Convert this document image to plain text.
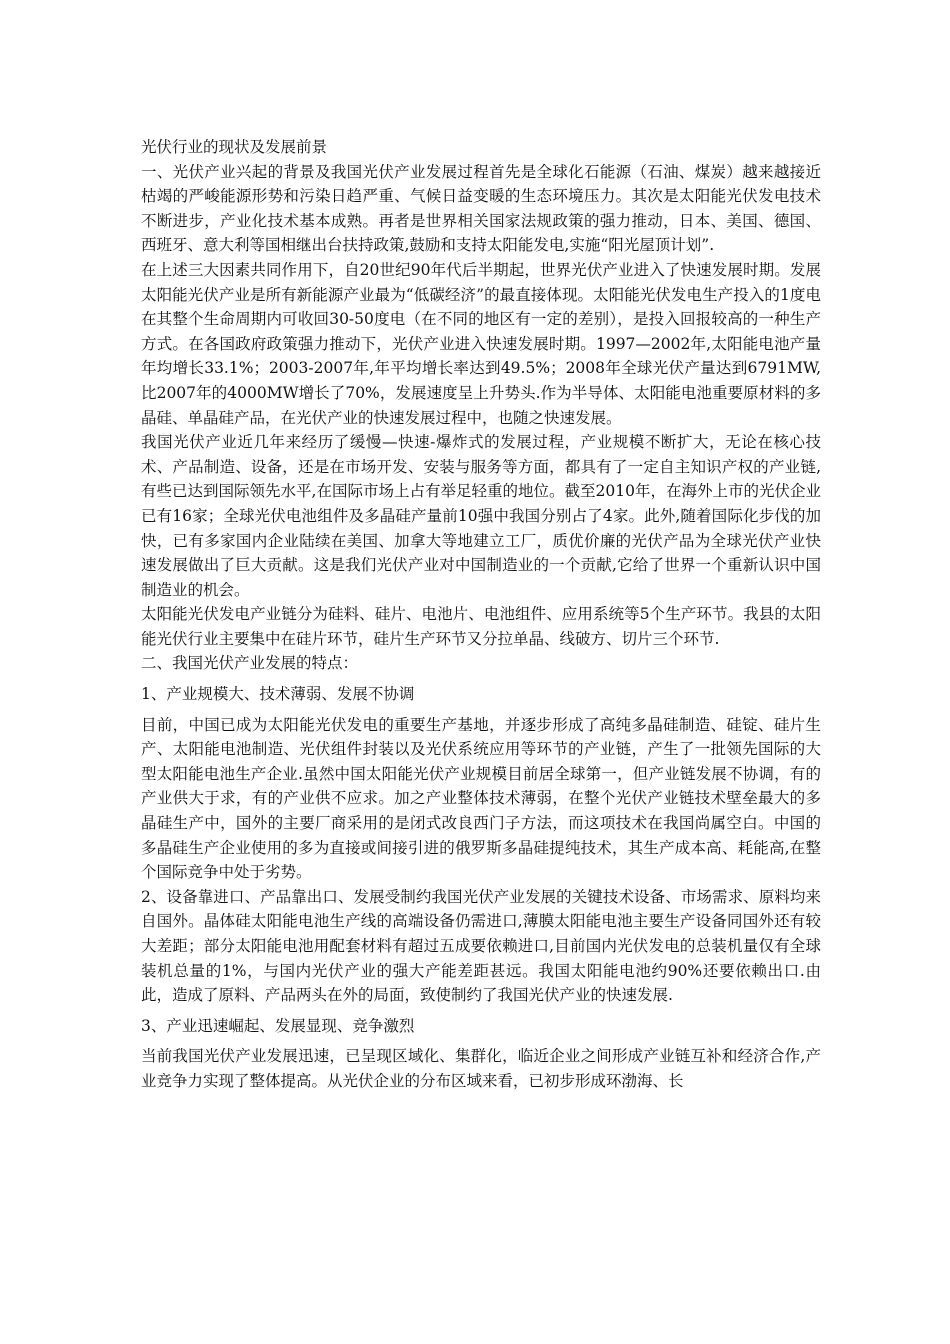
光伏行业的现状及发展前景

一、光伏产业兴起的背景及我国光伏产业发展过程首先是全球化石能源（石油、煤炭）越来越接近枯竭的严峻能源形势和污染日趋严重、气候日益变暖的生态环境压力。其次是太阳能光伏发电技术不断进步，产业化技术基本成熟。再者是世界相关国家法规政策的强力推动，日本、美国、德国、西班牙、意大利等国相继出台扶持政策,鼓励和支持太阳能发电,实施“阳光屋顶计划”.

在上述三大因素共同作用下，自20世纪90年代后半期起，世界光伏产业进入了快速发展时期。发展太阳能光伏产业是所有新能源产业最为“低碳经济”的最直接体现。太阳能光伏发电生产投入的1度电在其整个生命周期内可收回30-50度电（在不同的地区有一定的差别），是投入回报较高的一种生产方式。在各国政府政策强力推动下，光伏产业进入快速发展时期。1997—2002年,太阳能电池产量年均增长33.1%；2003-2007年,年平均增长率达到49.5%；2008年全球光伏产量达到6791MW, 比2007年的4000MW增长了70%，发展速度呈上升势头.作为半导体、太阳能电池重要原材料的多晶硅、单晶硅产品，在光伏产业的快速发展过程中，也随之快速发展。

我国光伏产业近几年来经历了缓慢—快速-爆炸式的发展过程，产业规模不断扩大，无论在核心技术、产品制造、设备，还是在市场开发、安装与服务等方面，都具有了一定自主知识产权的产业链,有些已达到国际领先水平,在国际市场上占有举足轻重的地位。截至2010年，在海外上市的光伏企业已有16家；全球光伏电池组件及多晶硅产量前10强中我国分别占了4家。此外,随着国际化步伐的加快，已有多家国内企业陆续在美国、加拿大等地建立工厂，质优价廉的光伏产品为全球光伏产业快速发展做出了巨大贡献。这是我们光伏产业对中国制造业的一个贡献,它给了世界一个重新认识中国制造业的机会。

太阳能光伏发电产业链分为硅料、硅片、电池片、电池组件、应用系统等5个生产环节。我县的太阳能光伏行业主要集中在硅片环节，硅片生产环节又分拉单晶、线破方、切片三个环节.

二、我国光伏产业发展的特点：

1、产业规模大、技术薄弱、发展不协调

目前，中国已成为太阳能光伏发电的重要生产基地，并逐步形成了高纯多晶硅制造、硅锭、硅片生产、太阳能电池制造、光伏组件封装以及光伏系统应用等环节的产业链，产生了一批领先国际的大型太阳能电池生产企业.虽然中国太阳能光伏产业规模目前居全球第一，但产业链发展不协调，有的产业供大于求，有的产业供不应求。加之产业整体技术薄弱，在整个光伏产业链技术壁垒最大的多晶硅生产中，国外的主要厂商采用的是闭式改良西门子方法，而这项技术在我国尚属空白。中国的多晶硅生产企业使用的多为直接或间接引进的俄罗斯多晶硅提纯技术，其生产成本高、耗能高,在整个国际竞争中处于劣势。

2、设备靠进口、产品靠出口、发展受制约我国光伏产业发展的关键技术设备、市场需求、原料均来自国外。晶体硅太阳能电池生产线的高端设备仍需进口,薄膜太阳能电池主要生产设备同国外还有较大差距；部分太阳能电池用配套材料有超过五成要依赖进口,目前国内光伏发电的总装机量仅有全球装机总量的1%，与国内光伏产业的强大产能差距甚远。我国太阳能电池约90%还要依赖出口.由此，造成了原料、产品两头在外的局面，致使制约了我国光伏产业的快速发展.

3、产业迅速崛起、发展显现、竞争激烈

当前我国光伏产业发展迅速，已呈现区域化、集群化，临近企业之间形成产业链互补和经济合作,产业竞争力实现了整体提高。从光伏企业的分布区域来看，已初步形成环渤海、长
